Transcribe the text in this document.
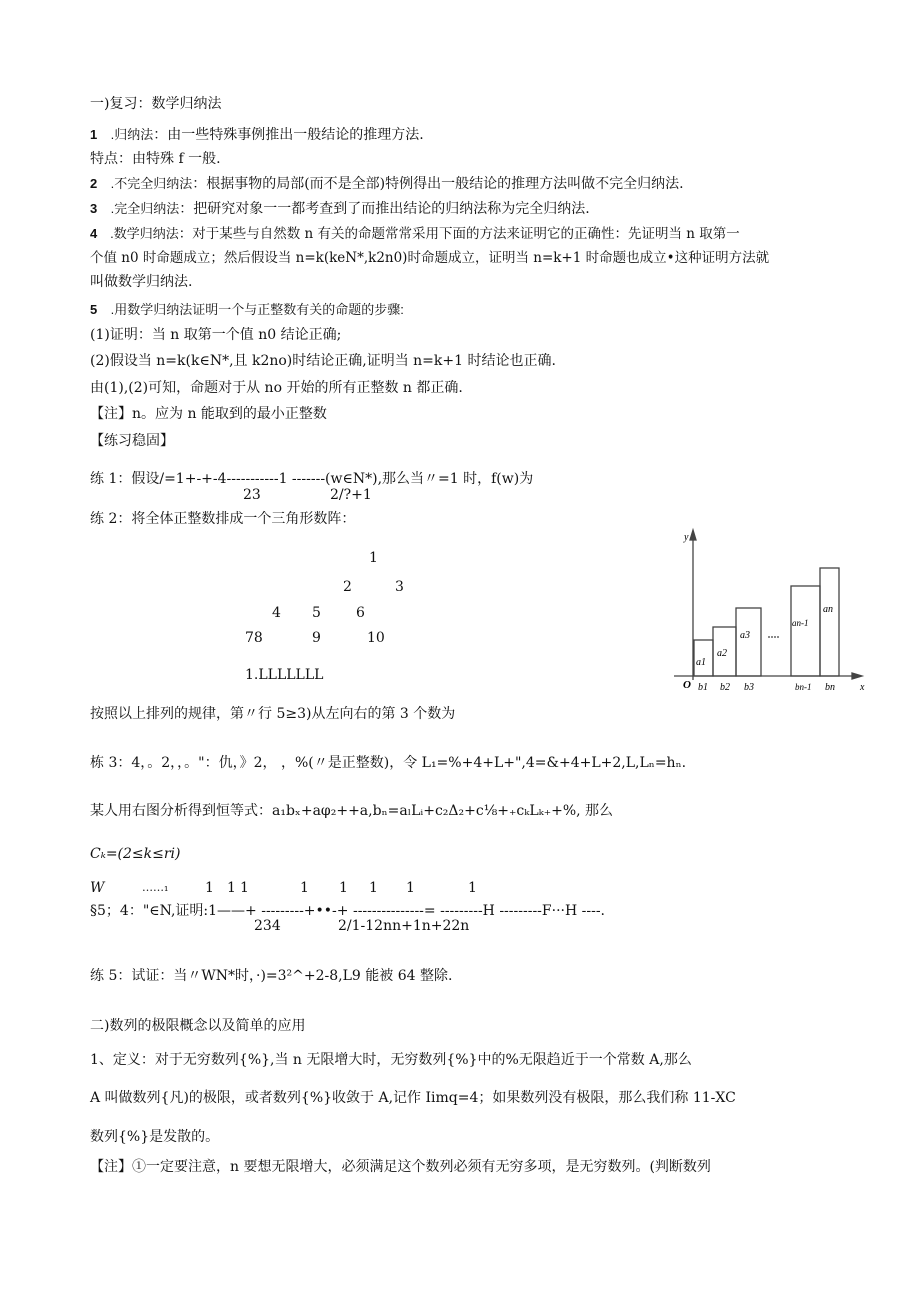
一)复习：数学归纳法
1 .归纳法：由一些特殊事例推出一般结论的推理方法.
特点：由特殊 f 一般.
2 .不完全归纳法：根据事物的局部(而不是全部)特例得出一般结论的推理方法叫做不完全归纳法.
3 .完全归纳法：把研究对象一一都考查到了而推出结论的归纳法称为完全归纳法.
4 .数学归纳法：对于某些与自然数 n 有关的命题常常采用下面的方法来证明它的正确性：先证明当 n 取第一
个值 n0 时命题成立；然后假设当 n=k(keN*,k2n0)时命题成立，证明当 n=k+1 时命题也成立•这种证明方法就
叫做数学归纳法.
5 .用数学归纳法证明一个与正整数有关的命题的步骤:
(1)证明：当 n 取第一个值 n0 结论正确;
(2)假设当 n=k(k∈N*,且 k2no)时结论正确,证明当 n=k+1 时结论也正确.
由(1),(2)可知，命题对于从 no 开始的所有正整数 n 都正确.
【注】n。应为 n 能取到的最小正整数
【练习稳固】
练 1：假设/=1+-+-4-----------1 -------(w∈N*),那么当〃=1 时，f(w)为
23	2/?+1
练 2：将全体正整数排成一个三角形数阵：
1
2	3
4 5	6
78	9	10
1.LLLLLLL
按照以上排列的规律，第〃行 5≥3)从左向右的第 3 个数为
y
x
O
a1
a2
a3
an-1
an
b1 b2 b3	bn-1 bn
栋 3：4，。2，，。"：仇，》2， ，%(〃是正整数)，令 L₁=%+4+L+",4=&+4+L+2,L,Lₙ=hₙ.
某人用右图分析得到恒等式：a₁bₓ+aφ₂++a,bₙ=aₗLᵢ+c₂Δ₂+c⅛+₊cₖLₖ₊+%, 那么
Cₖ=(2≤k≤ri)
W	……₁	1 1 1	1 1 1 1	1
§5；4："∈N,证明:1——+ ---------+••-+ ---------------= ---------H ---------F···H ----.
234	2/1-12nn+1n+22n
练 5：试证：当〃WN*时，·)=3²^+2-8,L9 能被 64 整除.
二)数列的极限概念以及简单的应用
1、定义：对于无穷数列{%},当 n 无限增大时，无穷数列{%}中的%无限趋近于一个常数 A,那么
A 叫做数列{凡)的极限，或者数列{%}收敛于 A,记作 Iimq=4；如果数列没有极限，那么我们称 11-XC
数列{%}是发散的。
【注】①一定要注意，n 要想无限增大，必须满足这个数列必须有无穷多项，是无穷数列。(判断数列
